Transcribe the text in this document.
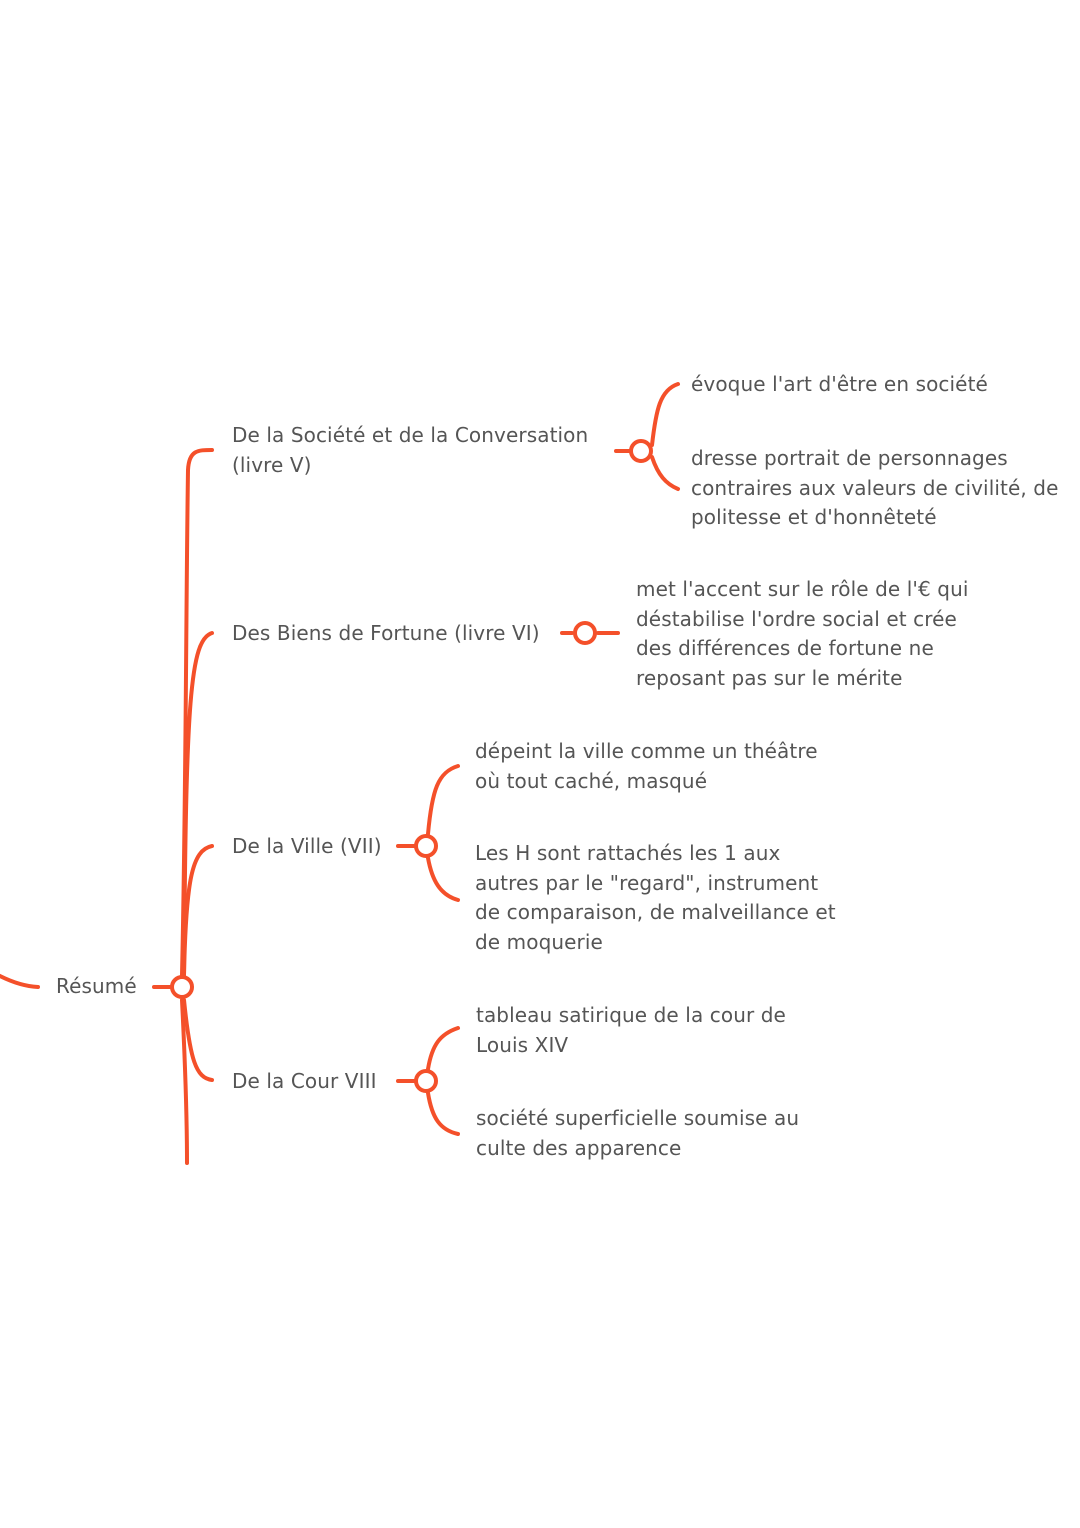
Résumé
De la Société et de la Conversation
(livre V)
Des Biens de Fortune (livre VI)
De la Ville (VII)
De la Cour VIII
évoque l'art d'être en société
dresse portrait de personnages
contraires aux valeurs de civilité, de
politesse et d'honnêteté
met l'accent sur le rôle de l'€ qui
déstabilise l'ordre social et crée
des différences de fortune ne
reposant pas sur le mérite
dépeint la ville comme un théâtre
où tout caché, masqué
Les H sont rattachés les 1 aux
autres par le "regard", instrument
de comparaison, de malveillance et
de moquerie
tableau satirique de la cour de
Louis XIV
société superficielle soumise au
culte des apparence
